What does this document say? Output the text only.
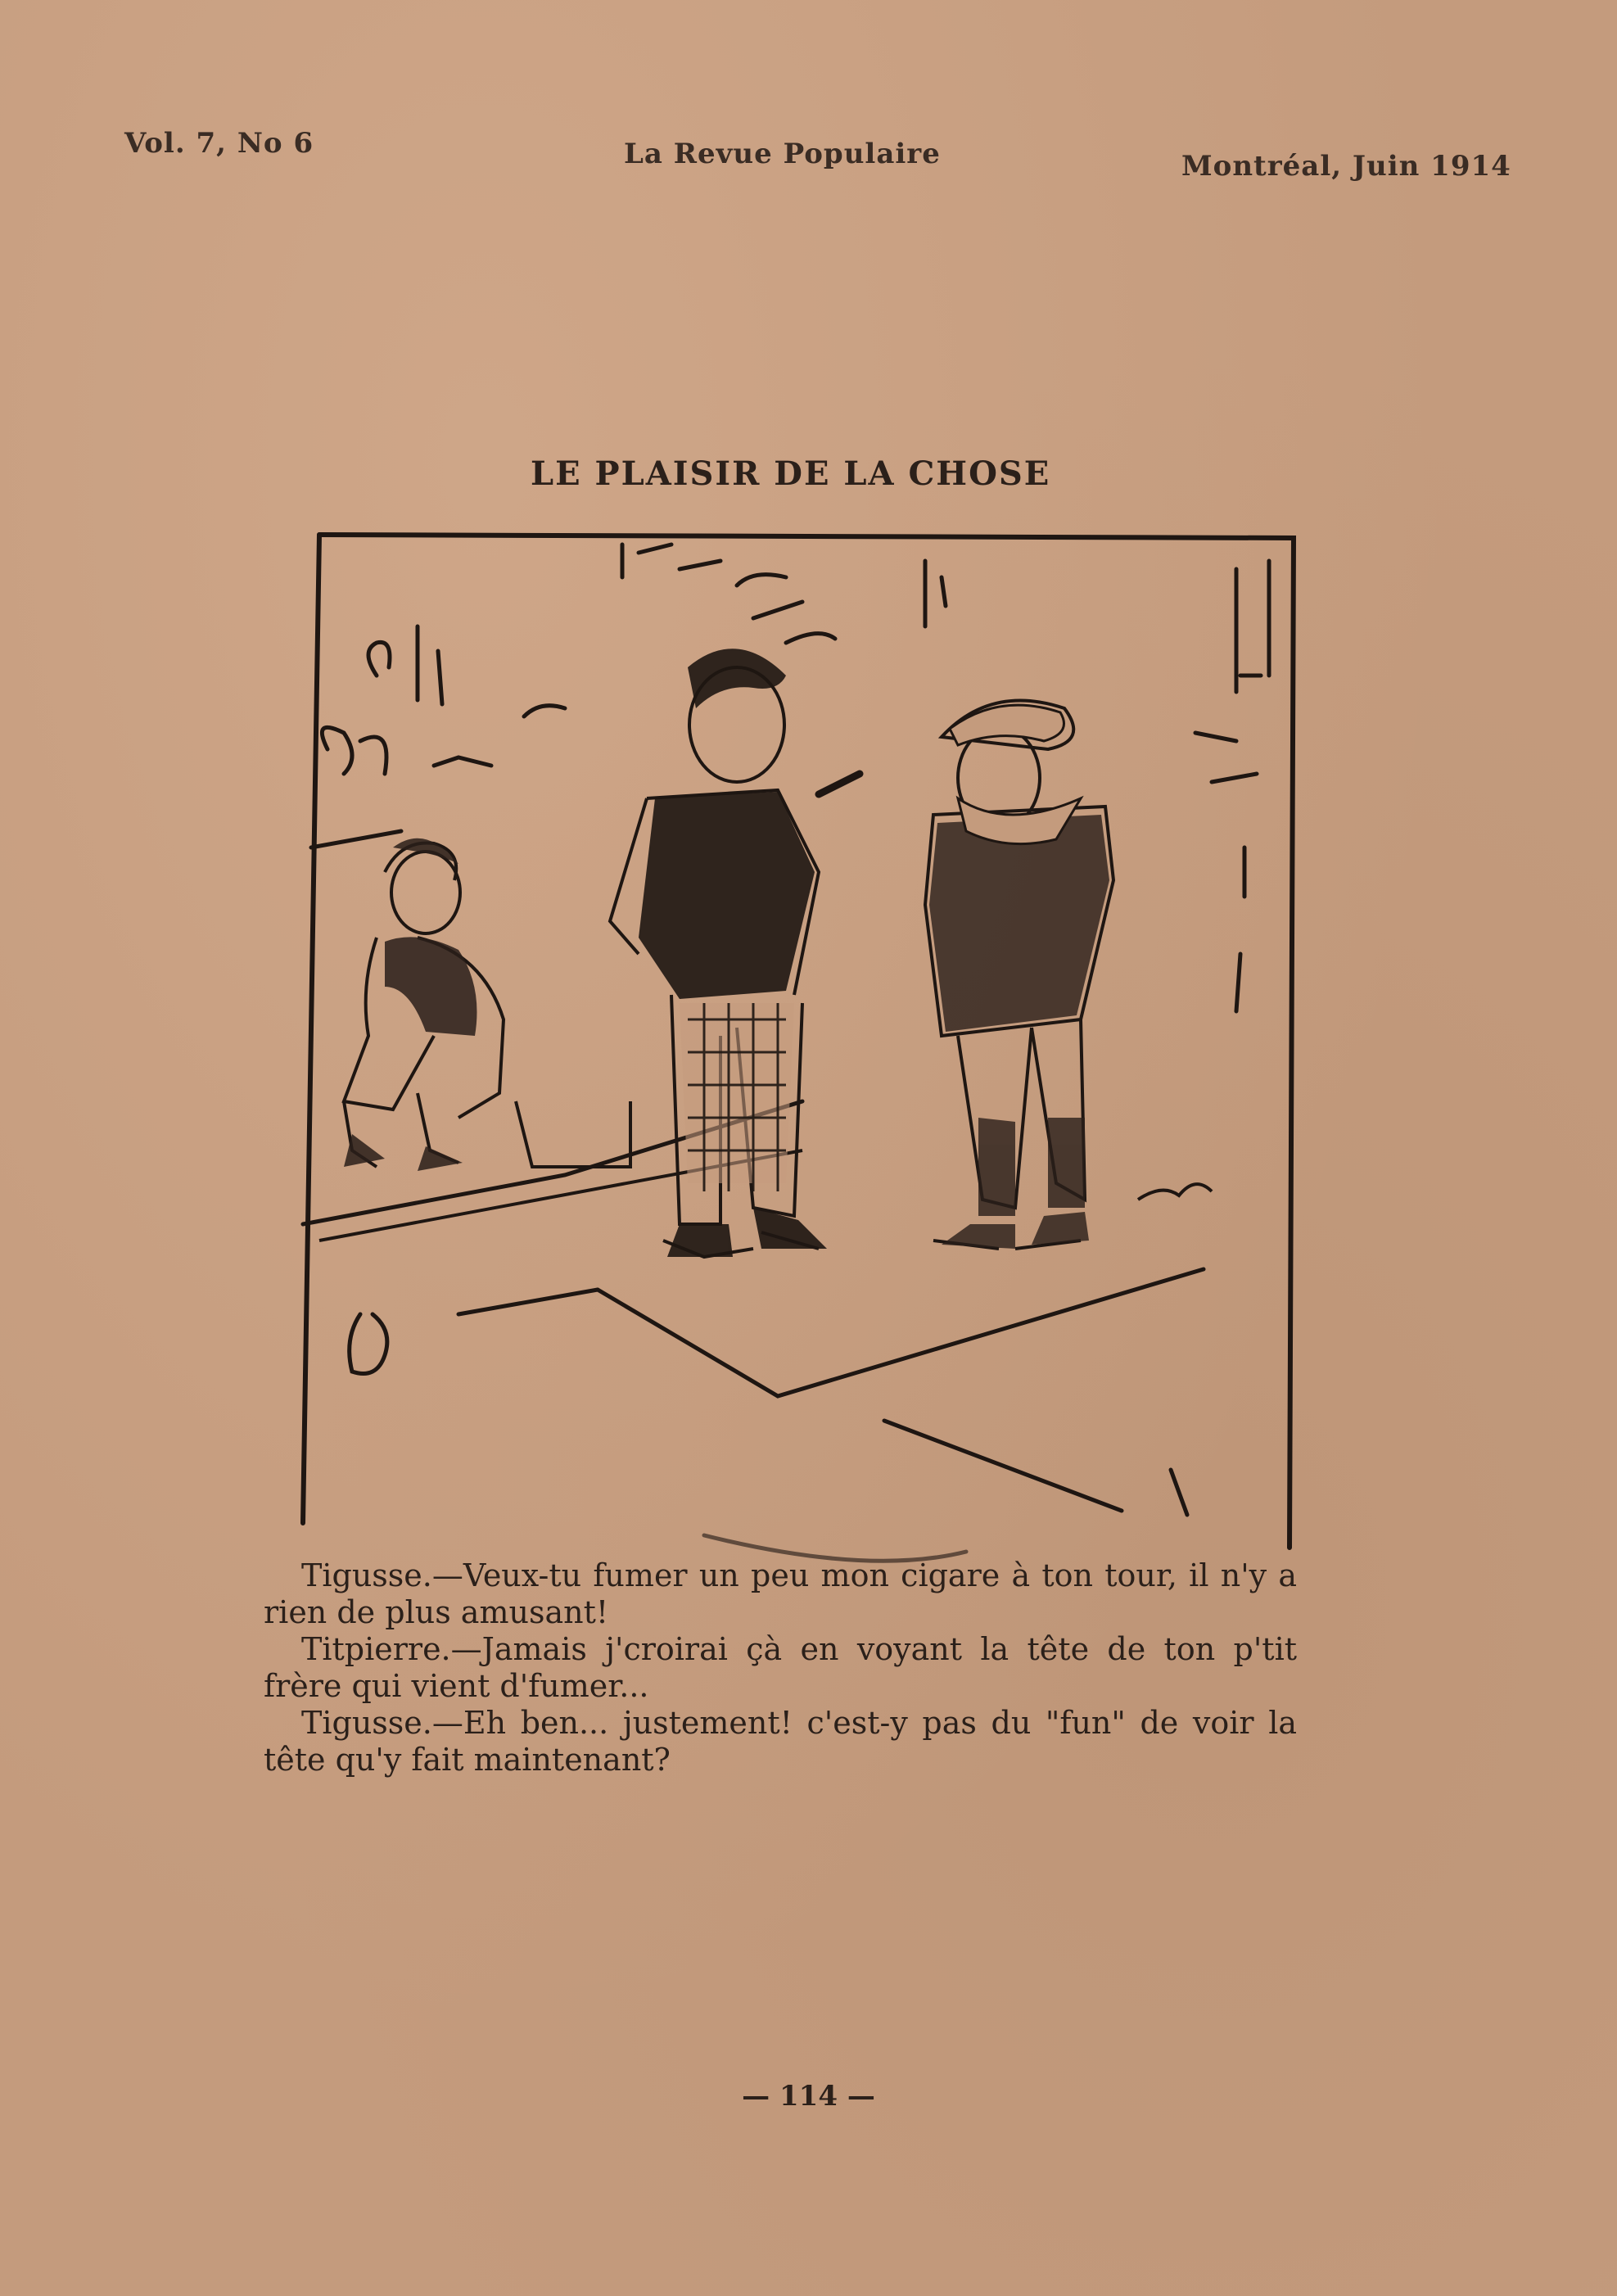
Vol. 7, No 6	La Revue Populaire	Montréal, Juin 1914
LE PLAISIR DE LA CHOSE

Tigusse.—Veux-tu fumer un peu mon cigare à ton tour, il n'y a rien de plus amusant!

Titpierre.—Jamais j'croirai çà en voyant la tête de ton p'tit frère qui vient d'fumer...

Tigusse.—Eh ben... justement! c'est-y pas du "fun" de voir la tête qu'y fait maintenant?

— 114 —
